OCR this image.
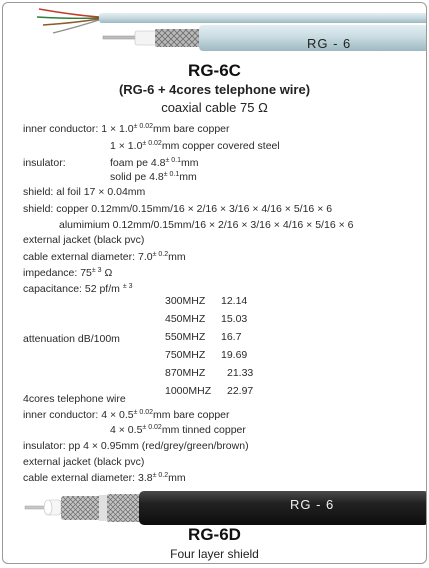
RG - 6
RG-6C
(RG-6 + 4cores telephone wire)
coaxial cable 75 Ω
inner conductor: $1 \times 1.0^{\pm 0.02}mm$ bare copper
$1 \times 1.0^{\pm 0.02}mm$ copper covered steel
insulator:	foam pe $4.8^{\pm 0.1}mm$
solid pe $4.8^{\pm 0.1}mm$
shield: al foil 17 × 0.04mm
shield: copper 0.12mm/0.15mm/16 × 2/16 × 3/16 × 4/16 × 5/16 × 6
alumimium 0.12mm/0.15mm/16 × 2/16 × 3/16 × 4/16 × 5/16 × 6
external jacket (black pvc)
cable external diameter: $7.0^{\pm 0.2}mm$
impedance: $75^{\pm 3}$ Ω
capacitance: 52 pf/m $^{\pm 3}$
attenuation dB/100m
300MHZ 12.14
450MHZ 15.03
550MHZ 16.7
750MHZ 19.69
870MHZ 21.33
1000MHZ 22.97
4cores telephone wire
inner conductor: $4 \times 0.5^{\pm 0.02}mm$ bare copper
$4 \times 0.5^{\pm 0.02}mm$ tinned copper
insulator: pp 4 × 0.95mm (red/grey/green/brown)
external jacket (black pvc)
cable external diameter: $3.8^{\pm 0.2}mm$
RG - 6
RG-6D
Four layer shield
